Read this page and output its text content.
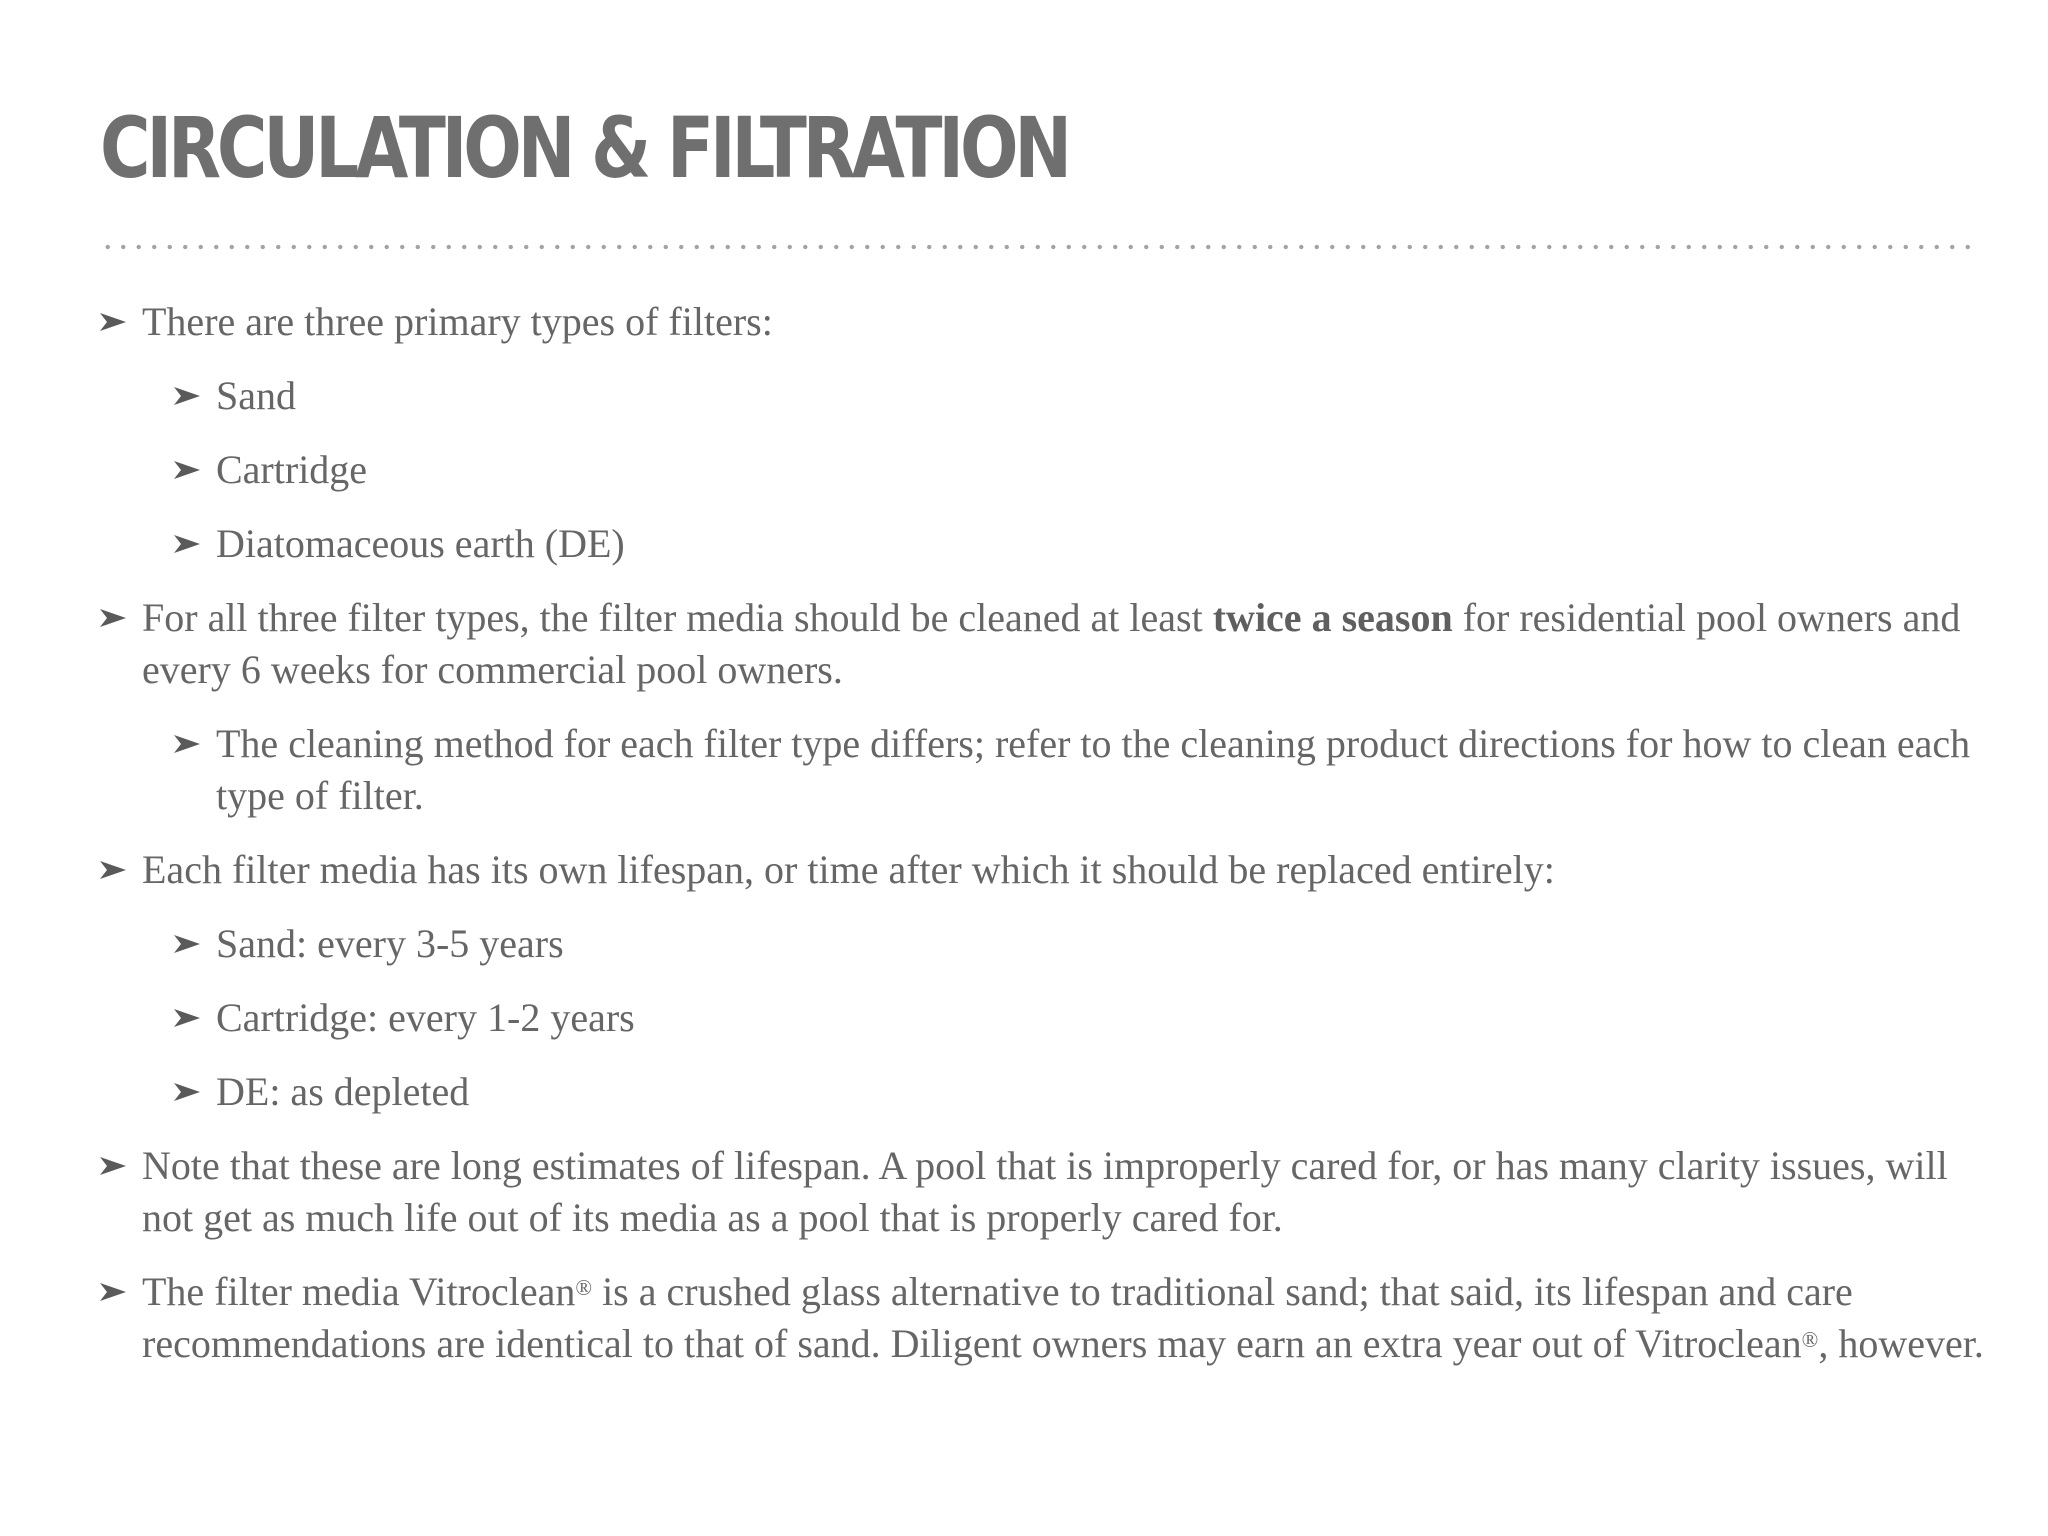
CIRCULATION & FILTRATION
There are three primary types of filters:
Sand
Cartridge
Diatomaceous earth (DE)
For all three filter types, the filter media should be cleaned at least twice a season for residential pool owners and every 6 weeks for commercial pool owners.
The cleaning method for each filter type differs; refer to the cleaning product directions for how to clean each type of filter.
Each filter media has its own lifespan, or time after which it should be replaced entirely:
Sand: every 3-5 years
Cartridge: every 1-2 years
DE: as depleted
Note that these are long estimates of lifespan. A pool that is improperly cared for, or has many clarity issues, will not get as much life out of its media as a pool that is properly cared for.
The filter media Vitroclean® is a crushed glass alternative to traditional sand; that said, its lifespan and care recommendations are identical to that of sand. Diligent owners may earn an extra year out of Vitroclean®, however.
